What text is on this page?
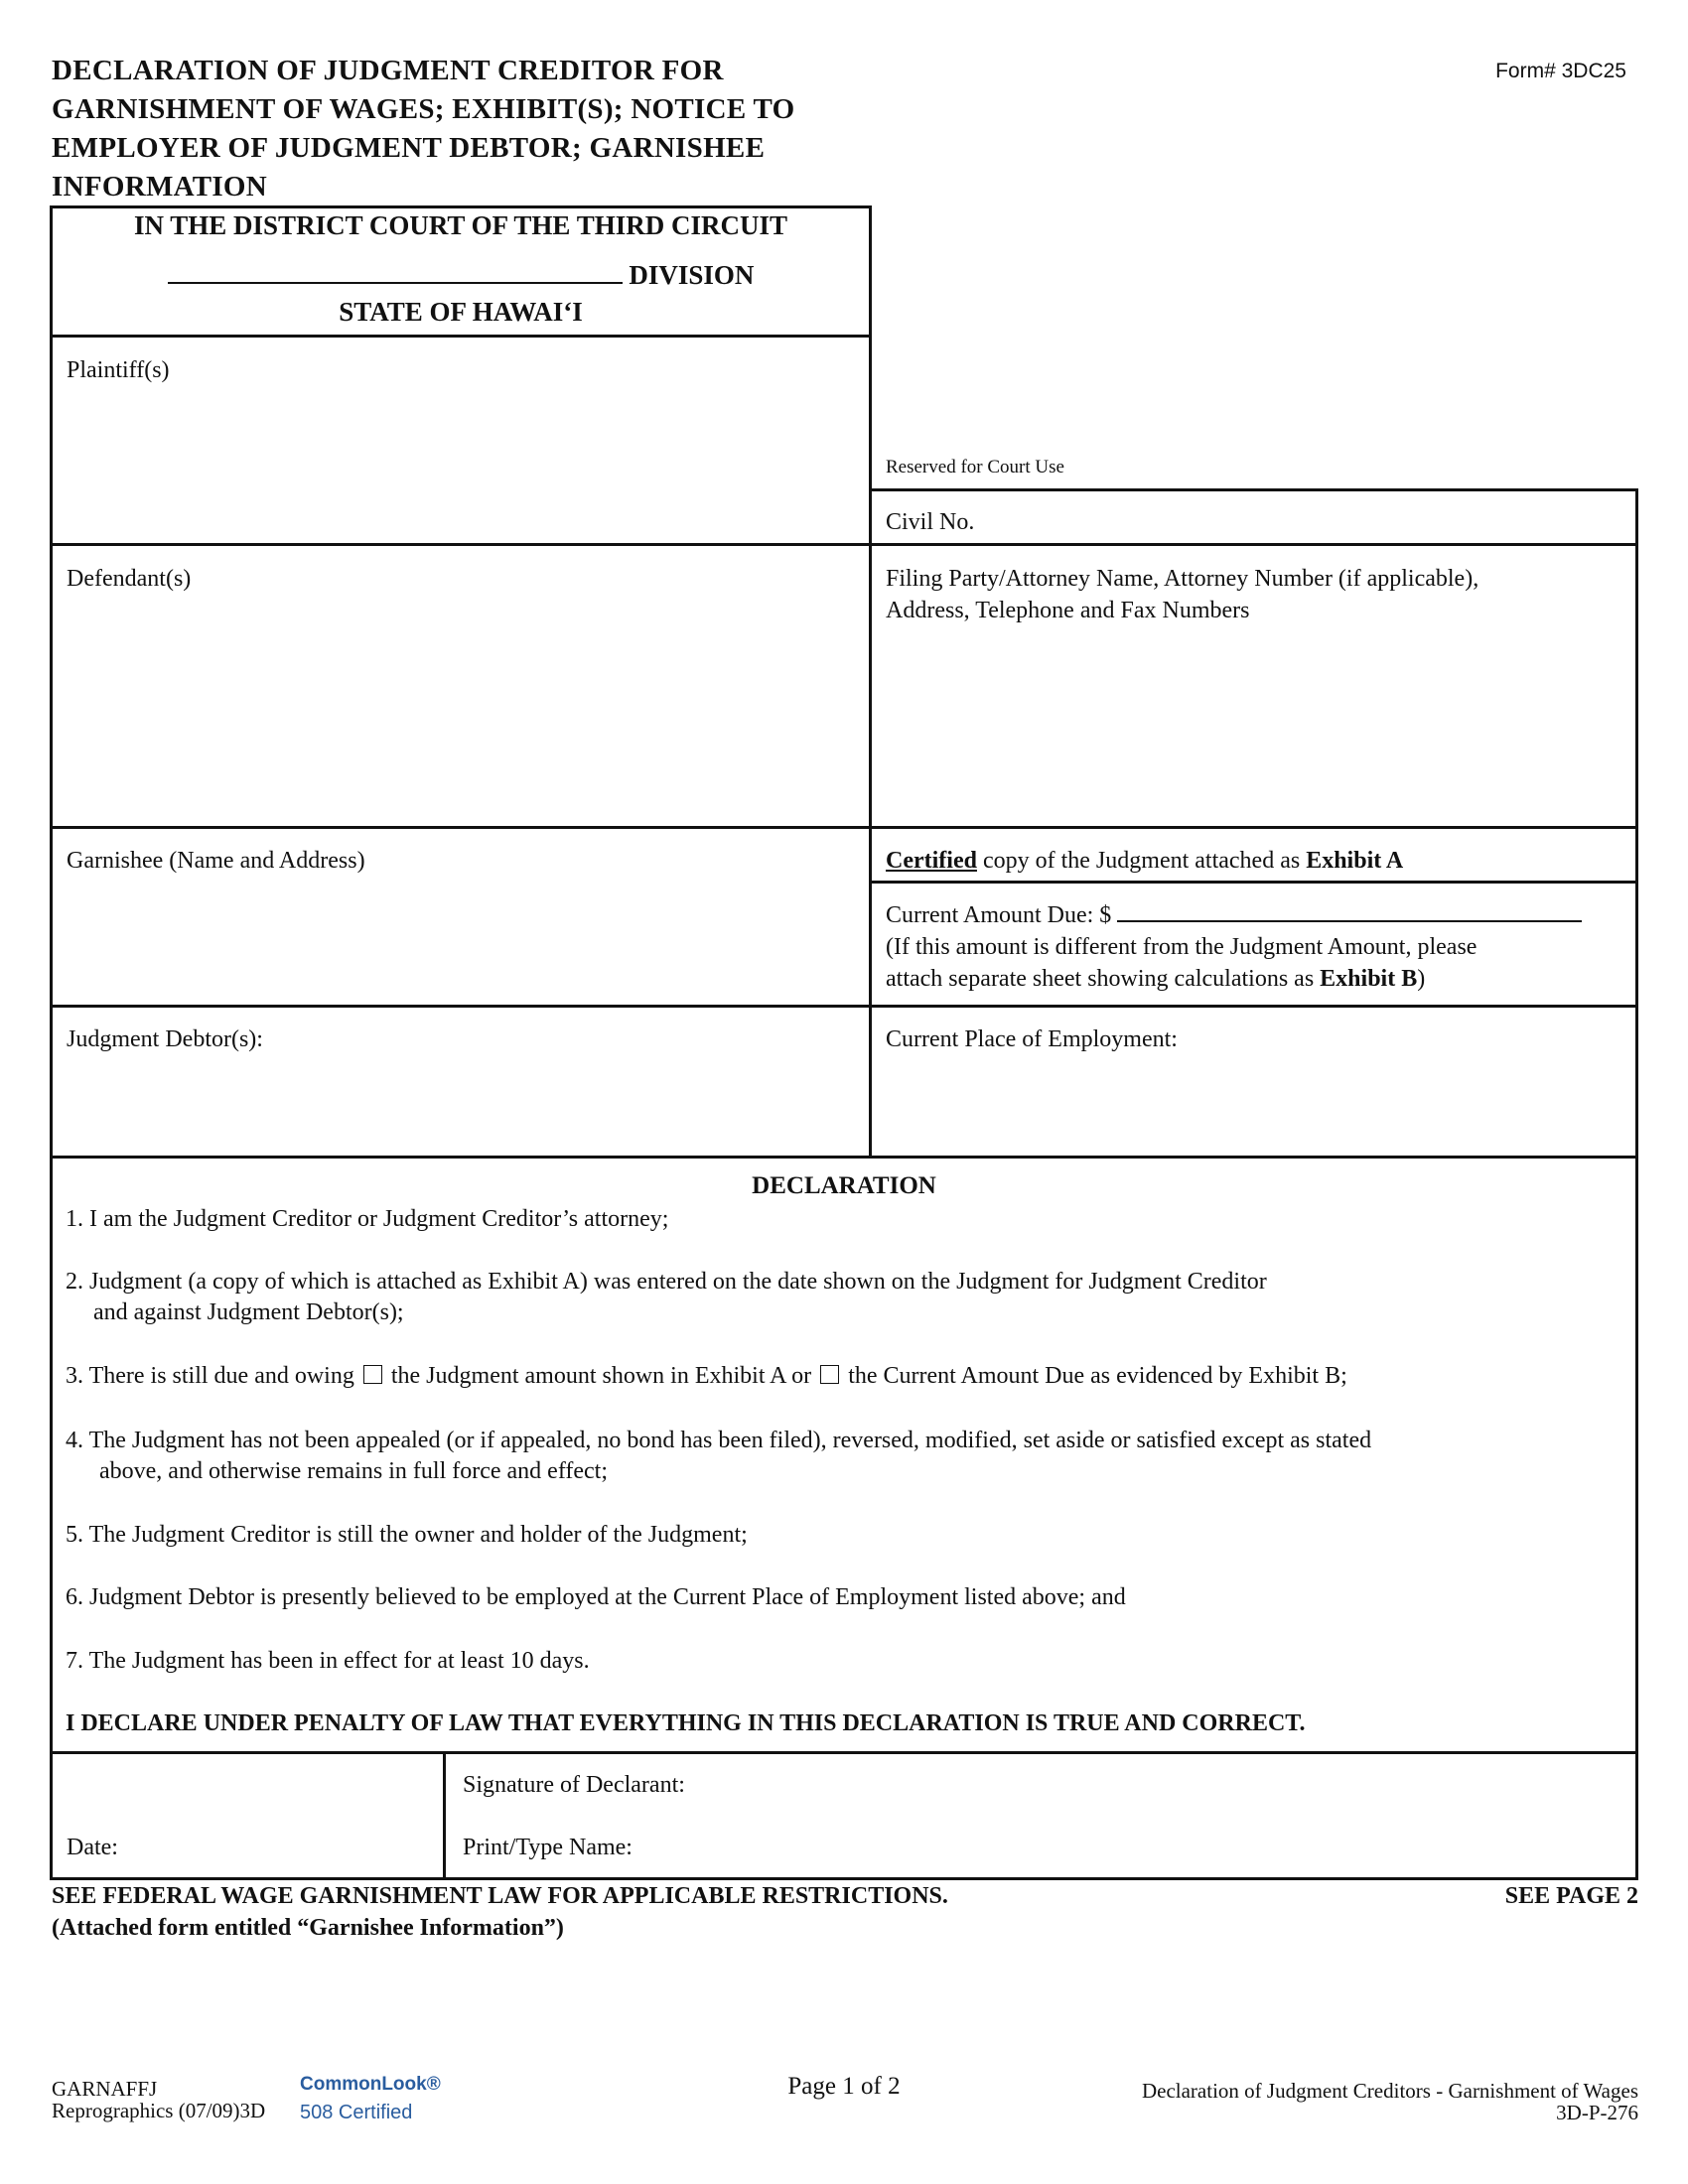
DECLARATION OF JUDGMENT CREDITOR FOR
GARNISHMENT OF WAGES; EXHIBIT(S); NOTICE TO
EMPLOYER OF JUDGMENT DEBTOR; GARNISHEE
INFORMATION
Form# 3DC25
IN THE DISTRICT COURT OF THE THIRD CIRCUIT
DIVISION
STATE OF HAWAI‘I
Plaintiff(s)
Defendant(s)
Garnishee (Name and Address)
Judgment Debtor(s):
Reserved for Court Use
Civil No.
Filing Party/Attorney Name, Attorney Number (if applicable),
Address, Telephone and Fax Numbers
Certified copy of the Judgment attached as Exhibit A
Current Amount Due: $
(If this amount is different from the Judgment Amount, please
attach separate sheet showing calculations as Exhibit B)
Current Place of Employment:
DECLARATION
1. I am the Judgment Creditor or Judgment Creditor’s attorney;
2. Judgment (a copy of which is attached as Exhibit A) was entered on the date shown on the Judgment for Judgment Creditor
and against Judgment Debtor(s);
3. There is still due and owing the Judgment amount shown in Exhibit A or the Current Amount Due as evidenced by Exhibit B;
4. The Judgment has not been appealed (or if appealed, no bond has been filed), reversed, modified, set aside or satisfied except as stated
above, and otherwise remains in full force and effect;
5. The Judgment Creditor is still the owner and holder of the Judgment;
6. Judgment Debtor is presently believed to be employed at the Current Place of Employment listed above; and
7. The Judgment has been in effect for at least 10 days.
I DECLARE UNDER PENALTY OF LAW THAT EVERYTHING IN THIS DECLARATION IS TRUE AND CORRECT.
Date:
Signature of Declarant:
Print/Type Name:
SEE FEDERAL WAGE GARNISHMENT LAW FOR APPLICABLE RESTRICTIONS.
(Attached form entitled “Garnishee Information”)
SEE PAGE 2
GARNAFFJ
Reprographics (07/09)3D
CommonLook®
508 Certified
Page 1 of 2	Declaration of Judgment Creditors - Garnishment of Wages
3D-P-276
